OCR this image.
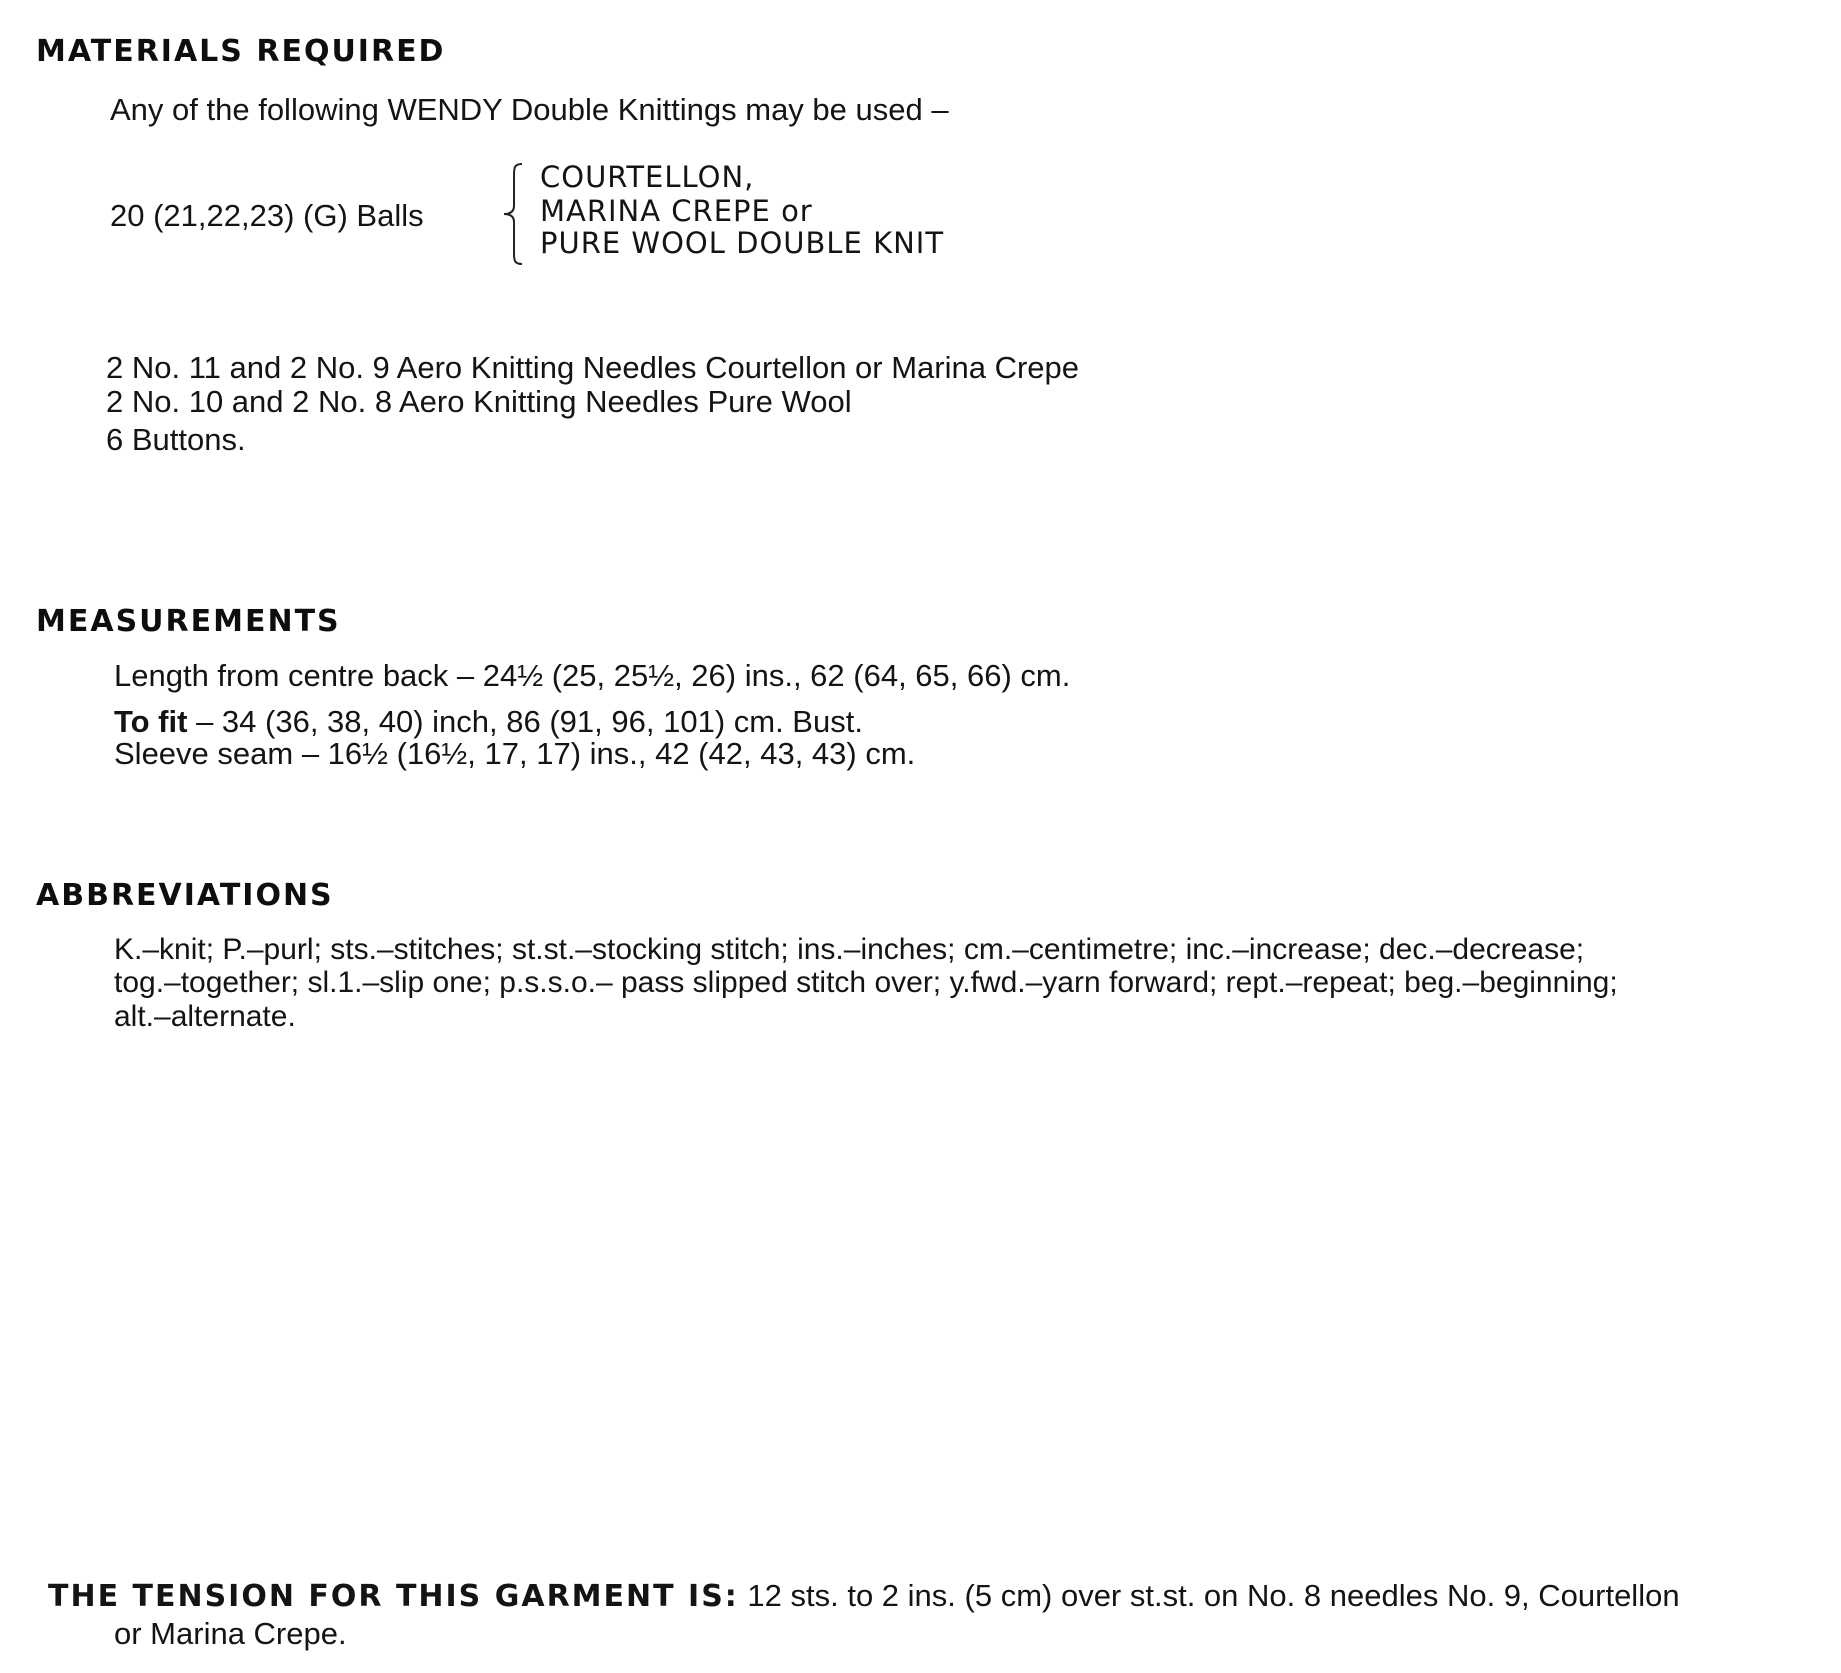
MATERIALS REQUIRED
Any of the following WENDY Double Knittings may be used –
20 (21,22,23) (G) Balls
COURTELLON,
MARINA CREPE or
PURE WOOL DOUBLE KNIT
2 No. 11 and 2 No. 9 Aero Knitting Needles Courtellon or Marina Crepe
2 No. 10 and 2 No. 8 Aero Knitting Needles Pure Wool
6 Buttons.
MEASUREMENTS
Length from centre back – 24½ (25, 25½, 26) ins., 62 (64, 65, 66) cm.
To fit – 34 (36, 38, 40) inch, 86 (91, 96, 101) cm. Bust.
Sleeve seam – 16½ (16½, 17, 17) ins., 42 (42, 43, 43) cm.
ABBREVIATIONS
K.–knit; P.–purl; sts.–stitches; st.st.–stocking stitch; ins.–inches; cm.–centimetre; inc.–increase; dec.–decrease;
tog.–together; sl.1.–slip one; p.s.s.o.– pass slipped stitch over; y.fwd.–yarn forward; rept.–repeat; beg.–beginning;
alt.–alternate.
THE TENSION FOR THIS GARMENT IS: 12 sts. to 2 ins. (5 cm) over st.st. on No. 8 needles No. 9, Courtellon
or Marina Crepe.
